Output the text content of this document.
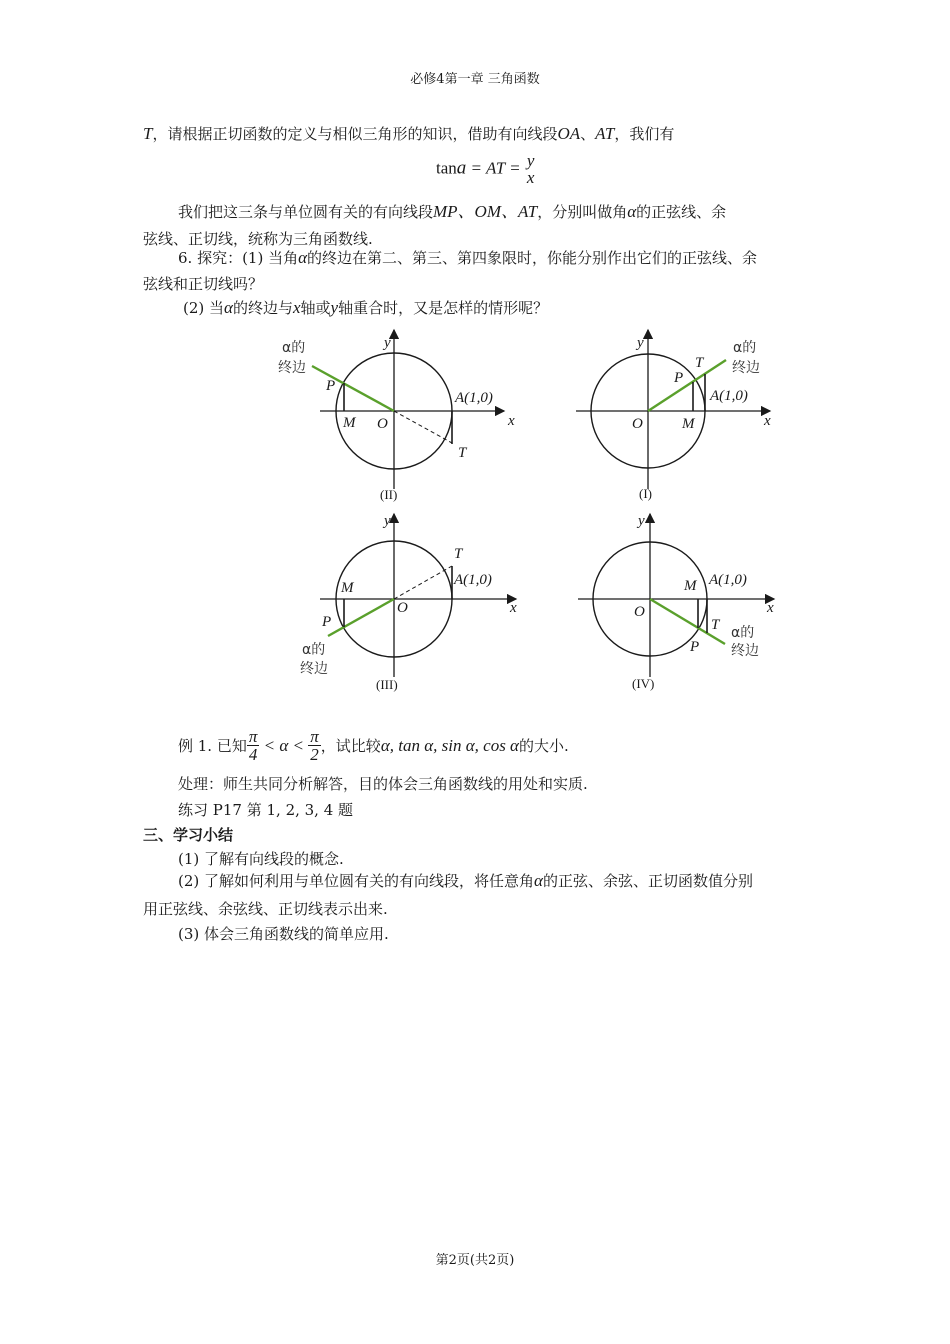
必修4第一章 三角函数
T，请根据正切函数的定义与相似三角形的知识，借助有向线段OA、AT，我们有
tana = AT = y
x
我们把这三条与单位圆有关的有向线段MP、OM、AT，分别叫做角α的正弦线、余
弦线、正切线，统称为三角函数线.
6. 探究：(1) 当角α的终边在第二、第三、第四象限时，你能分别作出它们的正弦线、余
弦线和正切线吗？
(2) 当α的终边与x轴或y轴重合时，又是怎样的情形呢？
y
x
O
M
P
T
A(1,0)
α的
终边
(II)
y
x
O	M
P
T
A(1,0)
α的
终边
(I)
y
x
O
M
P
T
A(1,0)
α的
终边
(III)
y
x
O
M
P
T
A(1,0)
α的
终边
(IV)
例 1. 已知 $\frac{\pi}{4} < \alpha < \frac{\pi}{2}$ ，试比较 α, tan α, sin α, cos α 的大小.
处理：师生共同分析解答，目的体会三角函数线的用处和实质.
练习 P17 第 1, 2, 3, 4 题
三、学习小结
(1) 了解有向线段的概念.
(2) 了解如何利用与单位圆有关的有向线段，将任意角α的正弦、余弦、正切函数值分别
用正弦线、余弦线、正切线表示出来.
(3) 体会三角函数线的简单应用.
第2页(共2页)
